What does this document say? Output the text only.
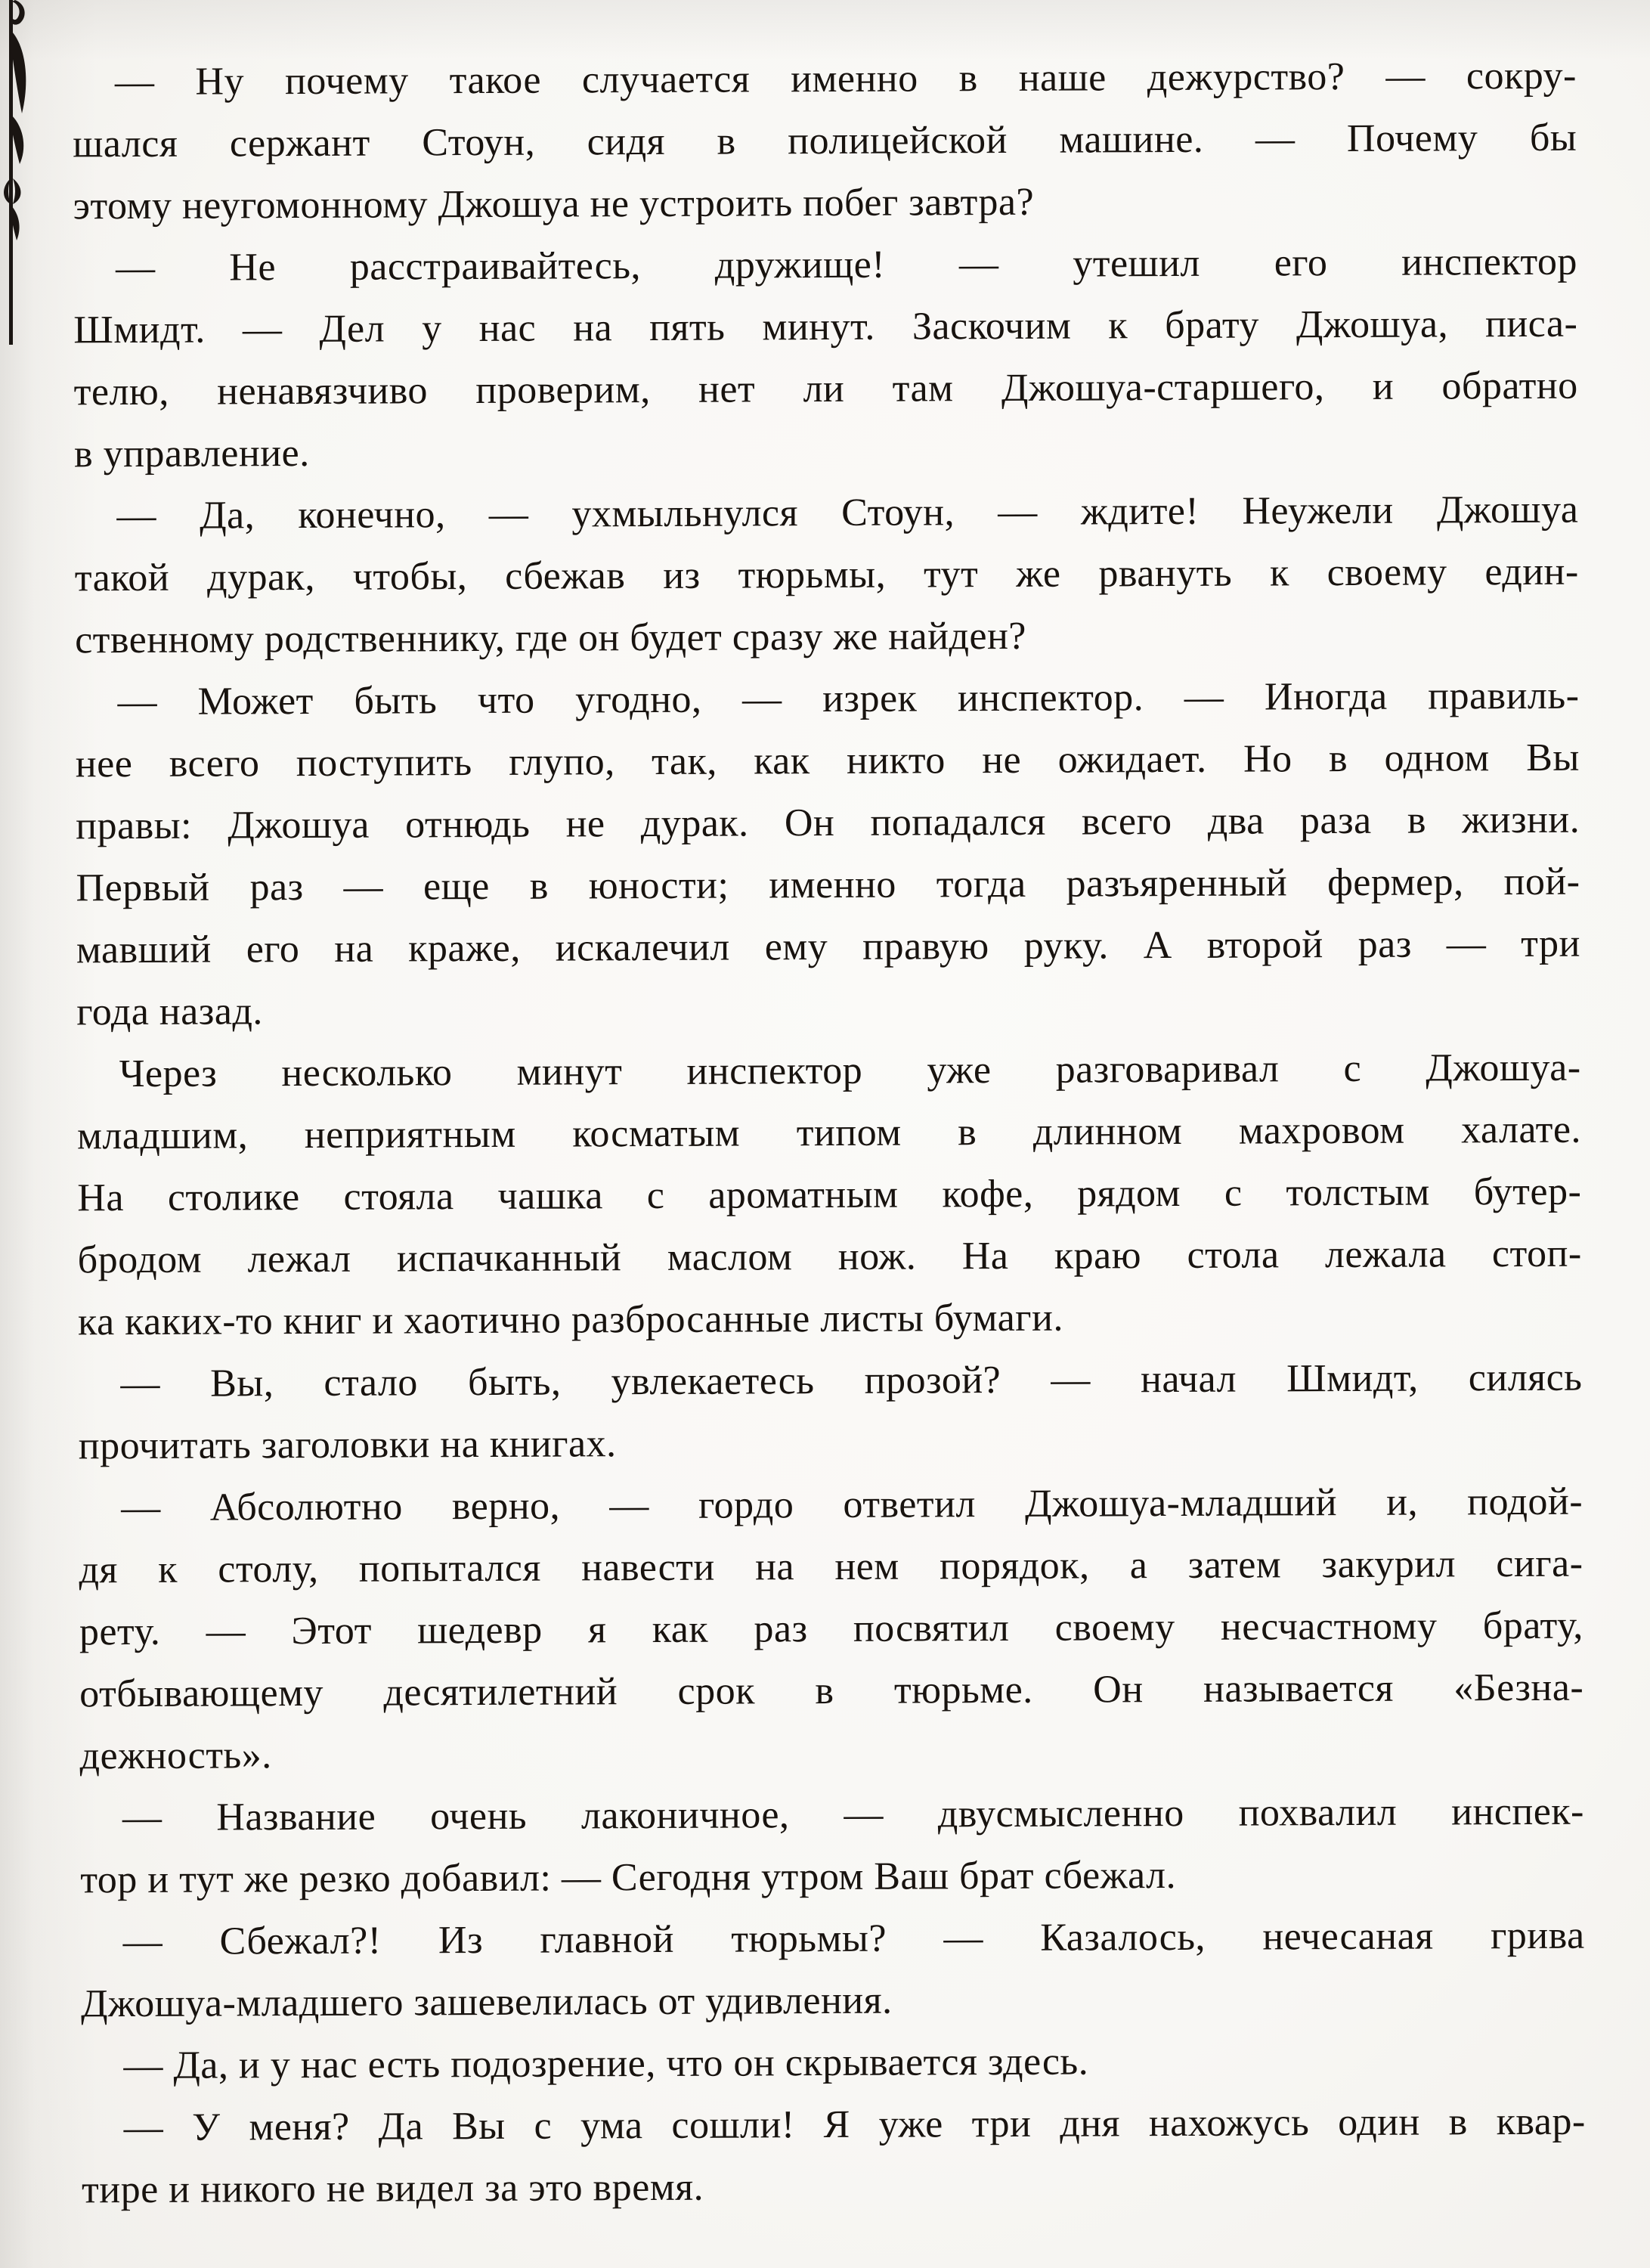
— Ну почему такое случается именно в наше дежурство? — сокру-
шался сержант Стоун, сидя в полицейской машине. — Почему бы
этому неугомонному Джошуа не устроить побег завтра?
— Не расстраивайтесь, дружище! — утешил его инспектор
Шмидт. — Дел у нас на пять минут. Заскочим к брату Джошуа, писа-
телю, ненавязчиво проверим, нет ли там Джошуа-старшего, и обратно
в управление.
— Да, конечно, — ухмыльнулся Стоун, — ждите! Неужели Джошуа
такой дурак, чтобы, сбежав из тюрьмы, тут же рвануть к своему един-
ственному родственнику, где он будет сразу же найден?
— Может быть что угодно, — изрек инспектор. — Иногда правиль-
нее всего поступить глупо, так, как никто не ожидает. Но в одном Вы
правы: Джошуа отнюдь не дурак. Он попадался всего два раза в жизни.
Первый раз — еще в юности; именно тогда разъяренный фермер, пой-
мавший его на краже, искалечил ему правую руку. А второй раз — три
года назад.
Через несколько минут инспектор уже разговаривал с Джошуа-
младшим, неприятным косматым типом в длинном махровом халате.
На столике стояла чашка с ароматным кофе, рядом с толстым бутер-
бродом лежал испачканный маслом нож. На краю стола лежала стоп-
ка каких-то книг и хаотично разбросанные листы бумаги.
— Вы, стало быть, увлекаетесь прозой? — начал Шмидт, силясь
прочитать заголовки на книгах.
— Абсолютно верно, — гордо ответил Джошуа-младший и, подой-
дя к столу, попытался навести на нем порядок, а затем закурил сига-
рету. — Этот шедевр я как раз посвятил своему несчастному брату,
отбывающему десятилетний срок в тюрьме. Он называется «Безна-
дежность».
— Название очень лаконичное, — двусмысленно похвалил инспек-
тор и тут же резко добавил: — Сегодня утром Ваш брат сбежал.
— Сбежал?! Из главной тюрьмы? — Казалось, нечесаная грива
Джошуа-младшего зашевелилась от удивления.
— Да, и у нас есть подозрение, что он скрывается здесь.
— У меня? Да Вы с ума сошли! Я уже три дня нахожусь один в квар-
тире и никого не видел за это время.
